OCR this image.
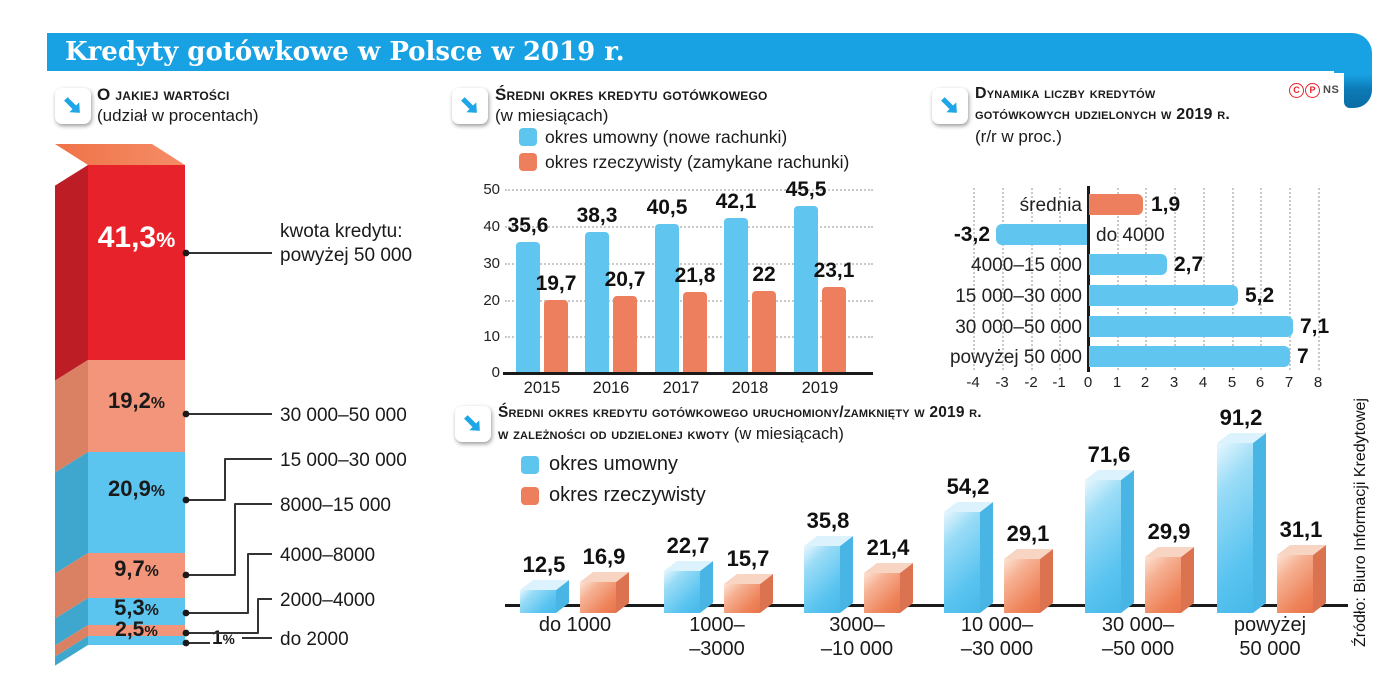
Kredyty gotówkowe w Polsce w 2019 r.
C	P NS
Źródło: Biuro Informacji Kredytowej
O jakiej wartości
(udział w procentach)
41,3%
19,2%
20,9%
9,7%
5,3%
2,5%	1%
kwota kredytu:
powyżej 50 000
30 000–50 000
15 000–30 000
8000–15 000
4000–8000
2000–4000
do 2000
Średni okres kredytu gotówkowego
(w miesiącach)
okres umowny (nowe rachunki)
okres rzeczywisty (zamykane rachunki)
50
40
30
20
10
0
35,6	38,3	40,5	42,1
45,5
19,7	20,7	21,8	22	23,1
2015	2016	2017	2018	2019
Dynamika liczby kredytów
gotówkowych udzielonych w 2019 r.
(r/r w proc.)
średnia
do 4000
4000–15 000
15 000–30 000
30 000–50 000
powyżej 50 000
1,9
-3,2
2,7
5,2
7,1
7
-4	-3	-2 -1	0	1	2	3	4	5	6	7	8
Średni okres kredytu gotówkowego uruchomiony/zamknięty w 2019 r.
w zależności od udzielonej kwoty (w miesiącach)
okres umowny
okres rzeczywisty
12,5 16,9	22,7
15,7
35,8
21,4
54,2
29,1
71,6
29,9
91,2
31,1
do 1000	1000–
–3000
3000–
–10 000
10 000–
–30 000
30 000–
–50 000
powyżej
50 000
